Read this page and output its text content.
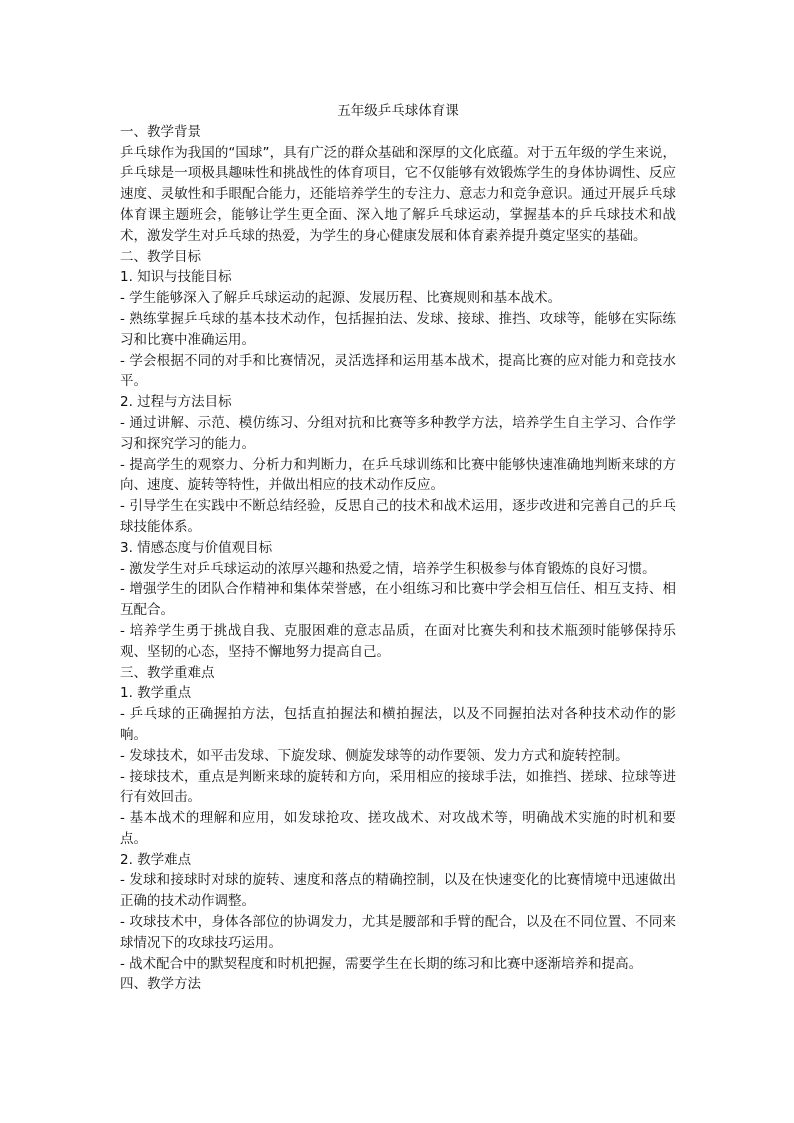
五年级乒乓球体育课

一、教学背景

乒乓球作为我国的“国球”，具有广泛的群众基础和深厚的文化底蕴。对于五年级的学生来说，乒乓球是一项极具趣味性和挑战性的体育项目，它不仅能够有效锻炼学生的身体协调性、反应速度、灵敏性和手眼配合能力，还能培养学生的专注力、意志力和竞争意识。通过开展乒乓球体育课主题班会，能够让学生更全面、深入地了解乒乓球运动，掌握基本的乒乓球技术和战术，激发学生对乒乓球的热爱，为学生的身心健康发展和体育素养提升奠定坚实的基础。

二、教学目标

1. 知识与技能目标

- 学生能够深入了解乒乓球运动的起源、发展历程、比赛规则和基本战术。

- 熟练掌握乒乓球的基本技术动作，包括握拍法、发球、接球、推挡、攻球等，能够在实际练习和比赛中准确运用。

- 学会根据不同的对手和比赛情况，灵活选择和运用基本战术，提高比赛的应对能力和竞技水平。

2. 过程与方法目标

- 通过讲解、示范、模仿练习、分组对抗和比赛等多种教学方法，培养学生自主学习、合作学习和探究学习的能力。

- 提高学生的观察力、分析力和判断力，在乒乓球训练和比赛中能够快速准确地判断来球的方向、速度、旋转等特性，并做出相应的技术动作反应。

- 引导学生在实践中不断总结经验，反思自己的技术和战术运用，逐步改进和完善自己的乒乓球技能体系。

3. 情感态度与价值观目标

- 激发学生对乒乓球运动的浓厚兴趣和热爱之情，培养学生积极参与体育锻炼的良好习惯。

- 增强学生的团队合作精神和集体荣誉感，在小组练习和比赛中学会相互信任、相互支持、相互配合。

- 培养学生勇于挑战自我、克服困难的意志品质，在面对比赛失利和技术瓶颈时能够保持乐观、坚韧的心态，坚持不懈地努力提高自己。

三、教学重难点

1. 教学重点

- 乒乓球的正确握拍方法，包括直拍握法和横拍握法，以及不同握拍法对各种技术动作的影响。

- 发球技术，如平击发球、下旋发球、侧旋发球等的动作要领、发力方式和旋转控制。

- 接球技术，重点是判断来球的旋转和方向，采用相应的接球手法，如推挡、搓球、拉球等进行有效回击。

- 基本战术的理解和应用，如发球抢攻、搓攻战术、对攻战术等，明确战术实施的时机和要点。

2. 教学难点

- 发球和接球时对球的旋转、速度和落点的精确控制，以及在快速变化的比赛情境中迅速做出正确的技术动作调整。

- 攻球技术中，身体各部位的协调发力，尤其是腰部和手臂的配合，以及在不同位置、不同来球情况下的攻球技巧运用。

- 战术配合中的默契程度和时机把握，需要学生在长期的练习和比赛中逐渐培养和提高。

四、教学方法
